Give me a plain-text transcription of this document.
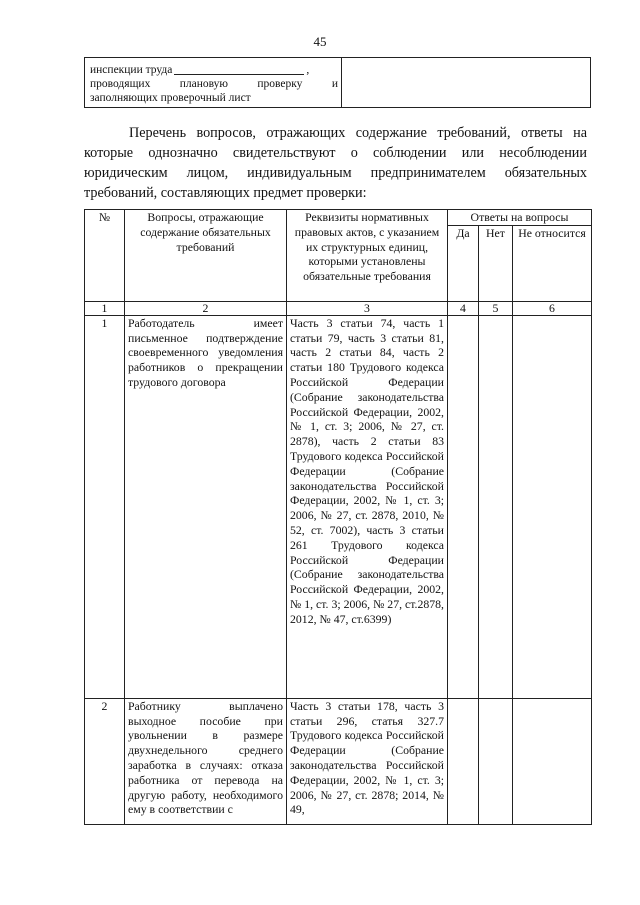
45
инспекции труда	,
проводящих	плановую	проверку	и
заполняющих проверочный лист

Перечень вопросов, отражающих содержание требований, ответы на которые однозначно свидетельствуют о соблюдении или несоблюдении юридическим лицом, индивидуальным предпринимателем обязательных требований, составляющих предмет проверки:

№	Вопросы, отражающие содержание обязательных требований	Реквизиты нормативных правовых актов, с указанием их структурных единиц, которыми установлены обязательные требования	Ответы на вопросы		
			Да	Нет	Не относится
1	2	3	4	5	6
1	Работодатель имеет письменное подтверждение своевременного уведомления работников о прекращении трудового договора	Часть 3 статьи 74, часть 1 статьи 79, часть 3 статьи 81, часть 2 статьи 84, часть 2 статьи 180 Трудового кодекса Российской Федерации (Собрание законодательства Российской Федерации, 2002, № 1, ст. 3; 2006, № 27, ст. 2878), часть 2 статьи 83 Трудового кодекса Российской Федерации (Собрание законодательства Российской Федерации, 2002, № 1, ст. 3; 2006, № 27, ст. 2878, 2010, № 52, ст. 7002), часть 3 статьи 261 Трудового кодекса Российской Федерации (Собрание законодательства Российской Федерации, 2002, № 1, ст. 3; 2006, № 27, ст.2878, 2012, № 47, ст.6399)			
2	Работнику выплачено выходное пособие при увольнении в размере двухнедельного среднего заработка в случаях: отказа работника от перевода на другую работу, необходимого ему в соответствии с	Часть 3 статьи 178, часть 3 статьи 296, статья 327.7 Трудового кодекса Российской Федерации (Собрание законодательства Российской Федерации, 2002, № 1, ст. 3; 2006, № 27, ст. 2878; 2014, № 49,			
